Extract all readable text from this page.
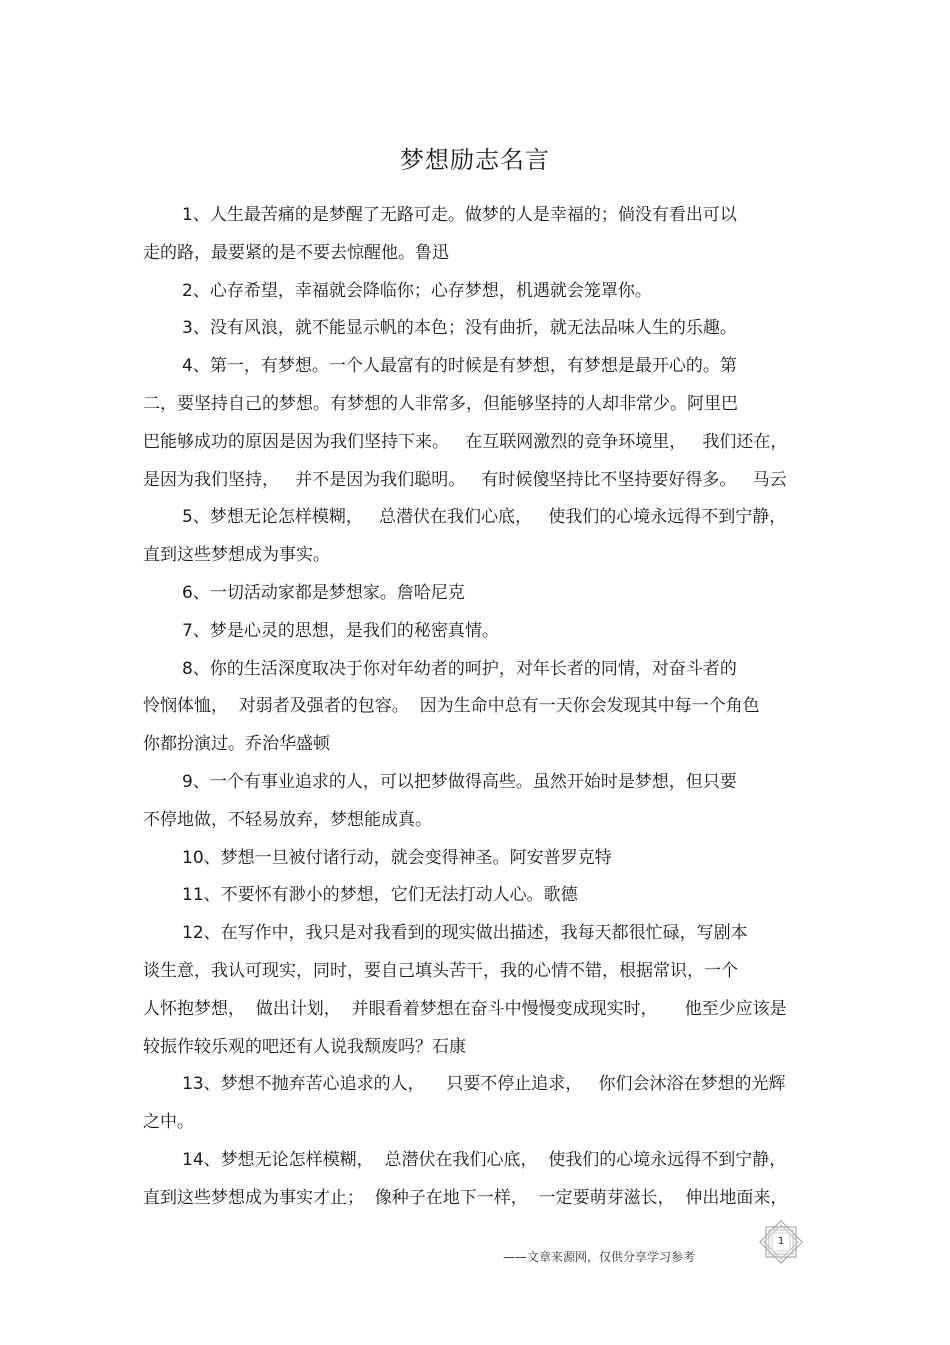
梦想励志名言
1、人生最苦痛的是梦醒了无路可走。做梦的人是幸福的；倘没有看出可以
走的路，最要紧的是不要去惊醒他。鲁迅
2、心存希望，幸福就会降临你；心存梦想，机遇就会笼罩你。
3、没有风浪，就不能显示帆的本色；没有曲折，就无法品味人生的乐趣。
4、第一，有梦想。一个人最富有的时候是有梦想，有梦想是最开心的。第
二，要坚持自己的梦想。有梦想的人非常多，但能够坚持的人却非常少。阿里巴
巴能够成功的原因是因为我们坚持下来。   在互联网激烈的竞争环境里，   我们还在，
是因为我们坚持，   并不是因为我们聪明。   有时候傻坚持比不坚持要好得多。   马云
5、梦想无论怎样模糊，   总潜伏在我们心底，   使我们的心境永远得不到宁静，
直到这些梦想成为事实。
6、一切活动家都是梦想家。詹哈尼克
7、梦是心灵的思想，是我们的秘密真情。
8、你的生活深度取决于你对年幼者的呵护，对年长者的同情，对奋斗者的
怜悯体恤，  对弱者及强者的包容。  因为生命中总有一天你会发现其中每一个角色
你都扮演过。乔治华盛顿
9、一个有事业追求的人，可以把梦做得高些。虽然开始时是梦想，但只要
不停地做，不轻易放弃，梦想能成真。
10、梦想一旦被付诸行动，就会变得神圣。阿安普罗克特
11、不要怀有渺小的梦想，它们无法打动人心。歌德
12、在写作中，我只是对我看到的现实做出描述，我每天都很忙碌，写剧本
谈生意，我认可现实，同时，要自己填头苦干，我的心情不错，根据常识，一个
人怀抱梦想，  做出计划，  并眼看着梦想在奋斗中慢慢变成现实时，     他至少应该是
较振作较乐观的吧还有人说我颓废吗？石康
13、梦想不抛弃苦心追求的人，    只要不停止追求，   你们会沐浴在梦想的光辉
之中。
14、梦想无论怎样模糊，  总潜伏在我们心底，  使我们的心境永远得不到宁静，
直到这些梦想成为事实才止；  像种子在地下一样，  一定要萌芽滋长，  伸出地面来，
——文章来源网，仅供分享学习参考
1
